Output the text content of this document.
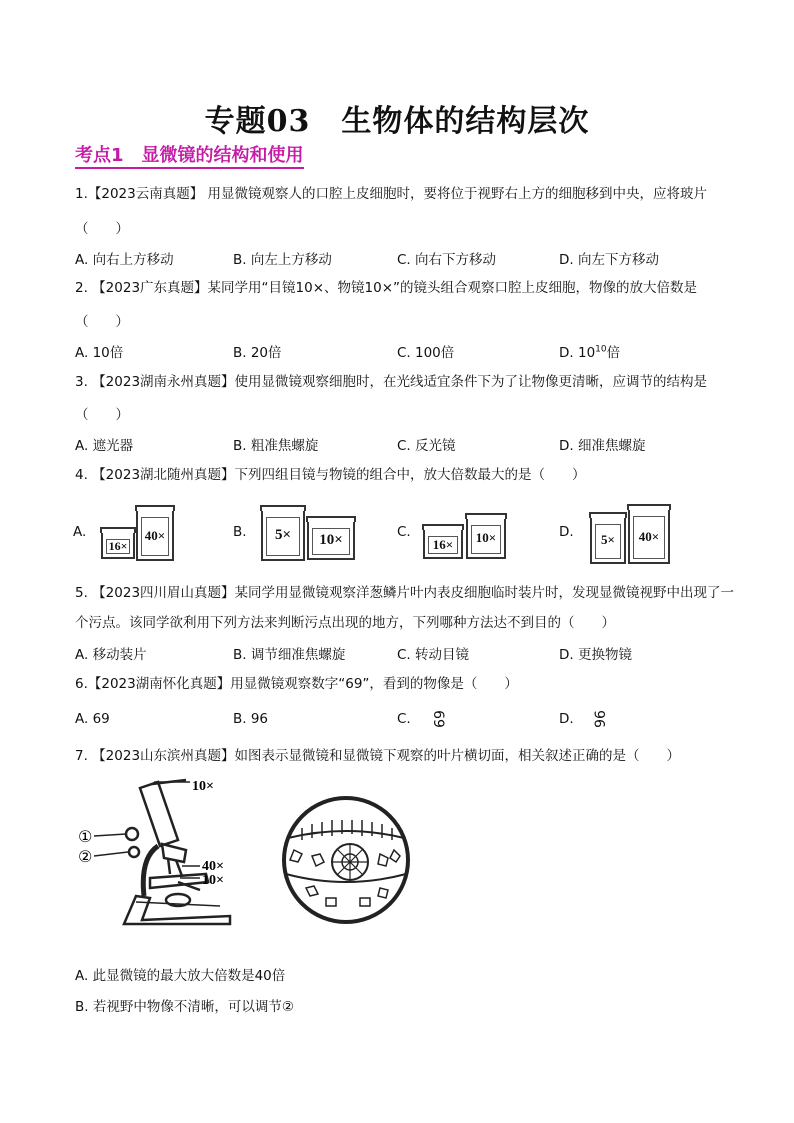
专题03　生物体的结构层次
考点1　显微镜的结构和使用
1.【2023云南真题】 用显微镜观察人的口腔上皮细胞时，要将位于视野右上方的细胞移到中央，应将玻片
（　　）
A. 向右上方移动	B. 向左上方移动	C. 向右下方移动	D. 向左下方移动
2. 【2023广东真题】某同学用“目镜10×、物镜10×”的镜头组合观察口腔上皮细胞，物像的放大倍数是
（　　）
A. 10倍	B. 20倍	C. 100倍	D. $10^{10}$倍
3. 【2023湖南永州真题】使用显微镜观察细胞时，在光线适宜条件下为了让物像更清晰，应调节的结构是
（　　）
A. 遮光器	B. 粗准焦螺旋	C. 反光镜	D. 细准焦螺旋
4. 【2023湖北随州真题】下列四组目镜与物镜的组合中，放大倍数最大的是（　　）
A.
16×
40×	B.	5×	10×	C.
16×	10×	D.	5×	40×
5. 【2023四川眉山真题】某同学用显微镜观察洋葱鳞片叶内表皮细胞临时装片时，发现显微镜视野中出现了一个污点。该同学欲利用下列方法来判断污点出现的地方，下列哪种方法达不到目的（　　）
A. 移动装片	B. 调节细准焦螺旋	C. 转动目镜	D. 更换物镜
6.【2023湖南怀化真题】用显微镜观察数字“69”，看到的物像是（　　）
A. 69	B. 96	C. 69	D. 96
7. 【2023山东滨州真题】如图表示显微镜和显微镜下观察的叶片横切面，相关叙述正确的是（　　）
10×
①
②
40×
10×
A. 此显微镜的最大放大倍数是40倍
B. 若视野中物像不清晰，可以调节②
